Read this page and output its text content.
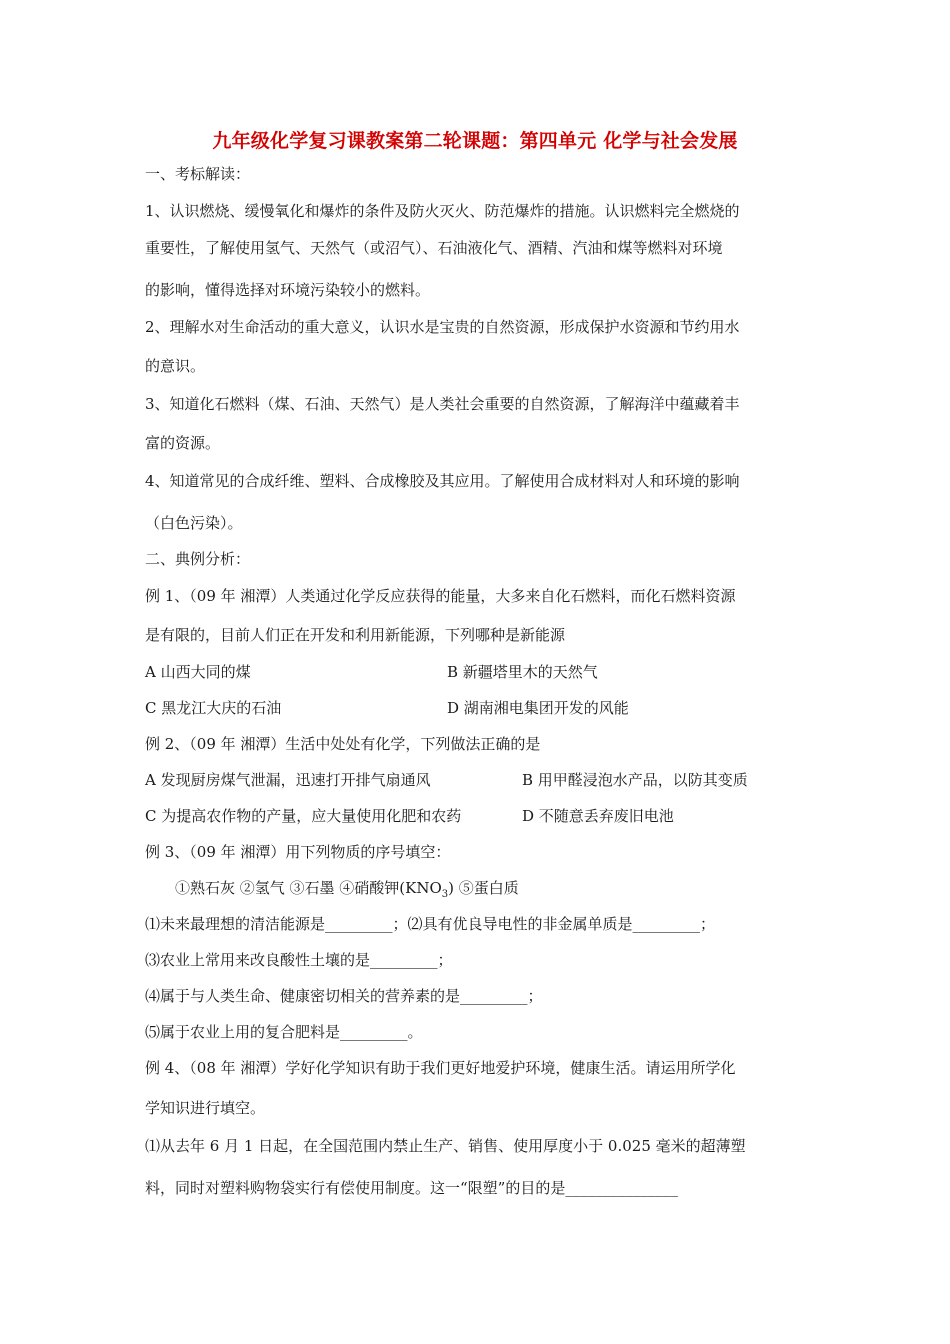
九年级化学复习课教案第二轮课题：第四单元 化学与社会发展
一、考标解读：
1、认识燃烧、缓慢氧化和爆炸的条件及防火灭火、防范爆炸的措施。认识燃料完全燃烧的
重要性，了解使用氢气、天然气（或沼气）、石油液化气、酒精、汽油和煤等燃料对环境
的影响，懂得选择对环境污染较小的燃料。
2、理解水对生命活动的重大意义，认识水是宝贵的自然资源，形成保护水资源和节约用水
的意识。
3、知道化石燃料（煤、石油、天然气）是人类社会重要的自然资源，了解海洋中蕴藏着丰
富的资源。
4、知道常见的合成纤维、塑料、合成橡胶及其应用。了解使用合成材料对人和环境的影响
（白色污染）。
二、典例分析：
例 1、（09 年 湘潭）人类通过化学反应获得的能量，大多来自化石燃料，而化石燃料资源
是有限的，目前人们正在开发和利用新能源，下列哪种是新能源
A 山西大同的煤	B 新疆塔里木的天然气
C 黑龙江大庆的石油	D 湖南湘电集团开发的风能
例 2、（09 年 湘潭）生活中处处有化学，下列做法正确的是
A 发现厨房煤气泄漏，迅速打开排气扇通风	B 用甲醛浸泡水产品，以防其变质
C 为提高农作物的产量，应大量使用化肥和农药	D 不随意丢弃废旧电池
例 3、（09 年 湘潭）用下列物质的序号填空：
①熟石灰 ②氢气 ③石墨 ④硝酸钾$(KNO_3)$ ⑤蛋白质
⑴未来最理想的清洁能源是_________；⑵具有优良导电性的非金属单质是_________；
⑶农业上常用来改良酸性土壤的是_________；
⑷属于与人类生命、健康密切相关的营养素的是_________；
⑸属于农业上用的复合肥料是_________。
例 4、（08 年 湘潭）学好化学知识有助于我们更好地爱护环境，健康生活。请运用所学化
学知识进行填空。
⑴从去年 6 月 1 日起，在全国范围内禁止生产、销售、使用厚度小于 0.025 毫米的超薄塑
料，同时对塑料购物袋实行有偿使用制度。这一“限塑”的目的是_______________
